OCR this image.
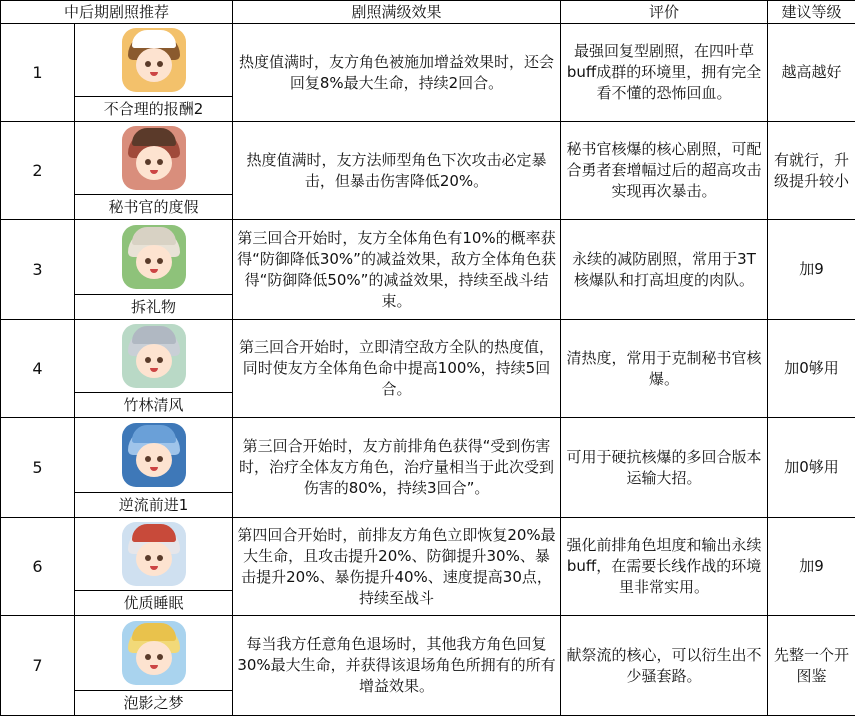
中后期剧照推荐		剧照满级效果	评价	建议等级
1		热度值满时，友方角色被施加增益效果时，还会回复8%最大生命，持续2回合。	最强回复型剧照，在四叶草buff成群的环境里，拥有完全看不懂的恐怖回血。	越高越好
	不合理的报酬2			
2		热度值满时，友方法师型角色下次攻击必定暴击，但暴击伤害降低20%。	秘书官核爆的核心剧照，可配合勇者套增幅过后的超高攻击实现再次暴击。	有就行，升级提升较小
	秘书官的度假			
3		第三回合开始时，友方全体角色有10%的概率获得“防御降低30%”的减益效果，敌方全体角色获得“防御降低50%”的减益效果，持续至战斗结束。	永续的减防剧照，常用于3T核爆队和打高坦度的肉队。	加9
	拆礼物			
4		第三回合开始时，立即清空敌方全队的热度值，同时使友方全体角色命中提高100%，持续5回合。	清热度，常用于克制秘书官核爆。	加0够用
	竹林清风			
5		第三回合开始时，友方前排角色获得“受到伤害时，治疗全体友方角色，治疗量相当于此次受到伤害的80%，持续3回合”。	可用于硬抗核爆的多回合版本运输大招。	加0够用
	逆流前进1			
6		第四回合开始时，前排友方角色立即恢复20%最大生命，且攻击提升20%、防御提升30%、暴击提升20%、暴伤提升40%、速度提高30点，持续至战斗	强化前排角色坦度和输出永续buff，在需要长线作战的环境里非常实用。	加9
	优质睡眠			
7		每当我方任意角色退场时，其他我方角色回复30%最大生命，并获得该退场角色所拥有的所有增益效果。	献祭流的核心，可以衍生出不少骚套路。	先整一个开图鉴
	泡影之梦			
